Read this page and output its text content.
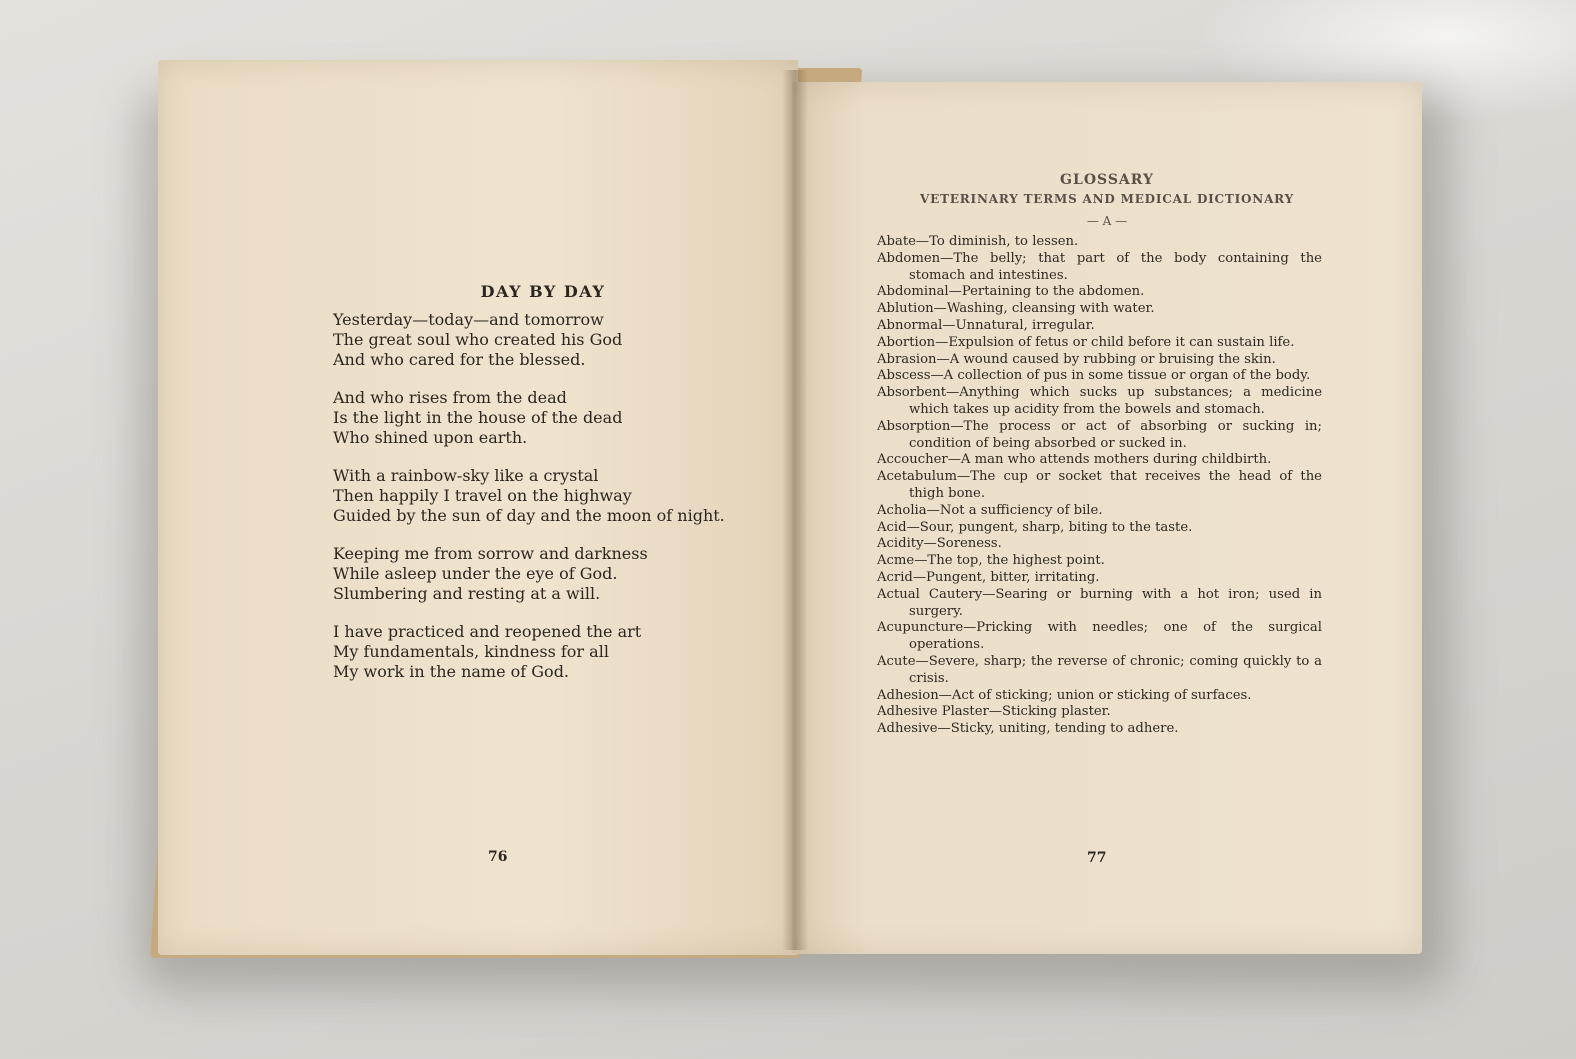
DAY BY DAY
Yesterday—today—and tomorrow
The great soul who created his God
And who cared for the blessed.
And who rises from the dead
Is the light in the house of the dead
Who shined upon earth.
With a rainbow-sky like a crystal
Then happily I travel on the highway
Guided by the sun of day and the moon of night.
Keeping me from sorrow and darkness
While asleep under the eye of God.
Slumbering and resting at a will.
I have practiced and reopened the art
My fundamentals, kindness for all
My work in the name of God.
76
GLOSSARY
VETERINARY TERMS AND MEDICAL DICTIONARY
— A —
Abate—To diminish, to lessen.
Abdomen—The belly; that part of the body containing the stomach and intestines.
Abdominal—Pertaining to the abdomen.
Ablution—Washing, cleansing with water.
Abnormal—Unnatural, irregular.
Abortion—Expulsion of fetus or child before it can sustain life.
Abrasion—A wound caused by rubbing or bruising the skin.
Abscess—A collection of pus in some tissue or organ of the body.
Absorbent—Anything which sucks up substances; a medicine which takes up acidity from the bowels and stomach.
Absorption—The process or act of absorbing or sucking in; condition of being absorbed or sucked in.
Accoucher—A man who attends mothers during childbirth.
Acetabulum—The cup or socket that receives the head of the thigh bone.
Acholia—Not a sufficiency of bile.
Acid—Sour, pungent, sharp, biting to the taste.
Acidity—Soreness.
Acme—The top, the highest point.
Acrid—Pungent, bitter, irritating.
Actual Cautery—Searing or burning with a hot iron; used in surgery.
Acupuncture—Pricking with needles; one of the surgical operations.
Acute—Severe, sharp; the reverse of chronic; coming quickly to a crisis.
Adhesion—Act of sticking; union or sticking of surfaces.
Adhesive Plaster—Sticking plaster.
Adhesive—Sticky, uniting, tending to adhere.
77
